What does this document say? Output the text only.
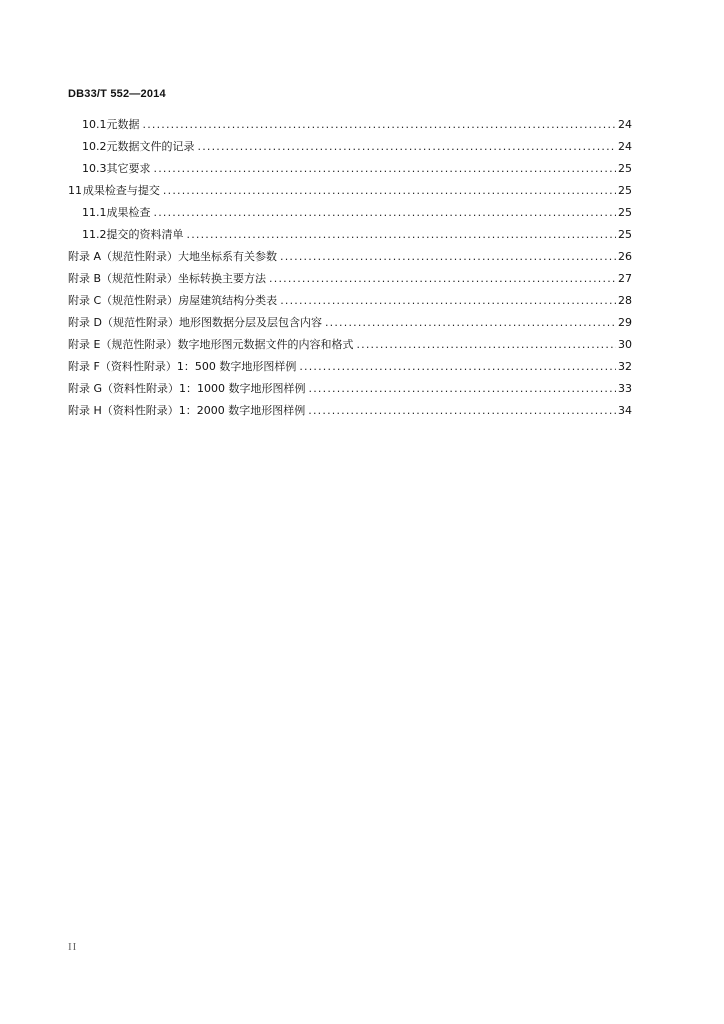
DB33/T 552—2014
10.1 元数据 .....	24
10.2 元数据文件的记录 .....	24
10.3 其它要求 .....	25
11 成果检查与提交 .....	25
11.1 成果检查 .....	25
11.2 提交的资料清单 .....	25
附录 A（规范性附录） 大地坐标系有关参数 .....	26
附录 B（规范性附录） 坐标转换主要方法 .....	27
附录 C（规范性附录） 房屋建筑结构分类表 .....	28
附录 D（规范性附录） 地形图数据分层及层包含内容 .....	29
附录 E（规范性附录） 数字地形图元数据文件的内容和格式 .....	30
附录 F（资料性附录） 1：500 数字地形图样例 .....	32
附录 G（资料性附录） 1：1000 数字地形图样例 .....	33
附录 H（资料性附录） 1：2000 数字地形图样例 .....	34
II
